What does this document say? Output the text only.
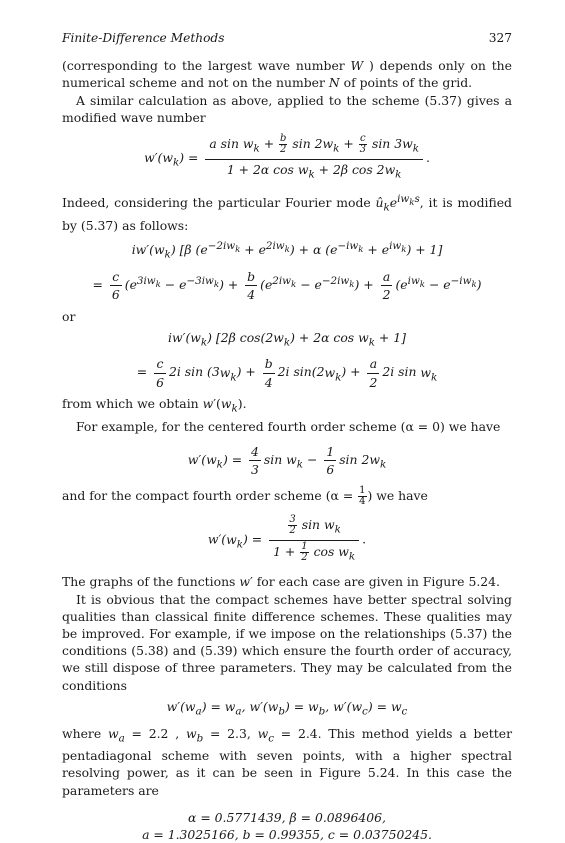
Finite-Difference Methods	327

(corresponding to the largest wave number W ) depends only on the numerical scheme and not on the number N of points of the grid.

A similar calculation as above, applied to the scheme (5.37) gives a modified wave number

$w'(w_k) = \frac{a \sin w_k + \frac{b}{2} \sin 2w_k + \frac{c}{3} \sin 3w_k}{1 + 2\alpha \cos w_k + 2\beta \cos 2w_k}$ .

Indeed, considering the particular Fourier mode $û_ke^{iw_ks}$, it is modified by (5.37) as follows:

$iw'(w_k)$ [β $(e^{-2iw_k} + e^{2iw_k}) + \alpha$ $(e^{-iw_k} + e^{iw_k}) + 1$]
= $\frac{c}{6} (e^{3iw_k} - e^{-3iw_k}) + \frac{b}{4} (e^{2iw_k} - e^{-2iw_k}) + \frac{a}{2} (e^{iw_k} - e^{-iw_k})$

or

$iw'(w_k)$ [2β $\cos(2w_k) + 2\alpha$ $\cos w_k + 1$]
= $\frac{c}{6} 2i$ $\sin (3w_k) + \frac{b}{4} 2i$ $\sin(2w_k) + \frac{a}{2} 2i$ $\sin w_k$

from which we obtain $w'(w_k)$.

For example, for the centered fourth order scheme (α = 0) we have

$w'(w_k) = \frac{4}{3}$ $\sin w_k - \frac{1}{6}$ $\sin 2w_k$

and for the compact fourth order scheme ($\alpha = \frac{1}{4}$ ) we have

$w'(w_k) = \frac{\frac{3}{2} \sin w_k}{1 + \frac{1}{2} \cos w_k}$ .

The graphs of the functions w′ for each case are given in Figure 5.24.

It is obvious that the compact schemes have better spectral solving qualities than classical finite difference schemes. These qualities may be improved. For example, if we impose on the relationships (5.37) the conditions (5.38) and (5.39) which ensure the fourth order of accuracy, we still dispose of three parameters. They may be calculated from the conditions

$w'(w_a) = w_a$, $w'(w_b) = w_b$, $w'(w_c) = w_c$

where $w_a = 2.2$ , $w_b = 2.3$, $w_c = 2.4$. This method yields a better pentadiagonal scheme with seven points, with a higher spectral resolving power, as it can be seen in Figure 5.24. In this case the parameters are

α = 0.5771439, β = 0.0896406,
a = 1.3025166, b = 0.99355, c = 0.03750245.
